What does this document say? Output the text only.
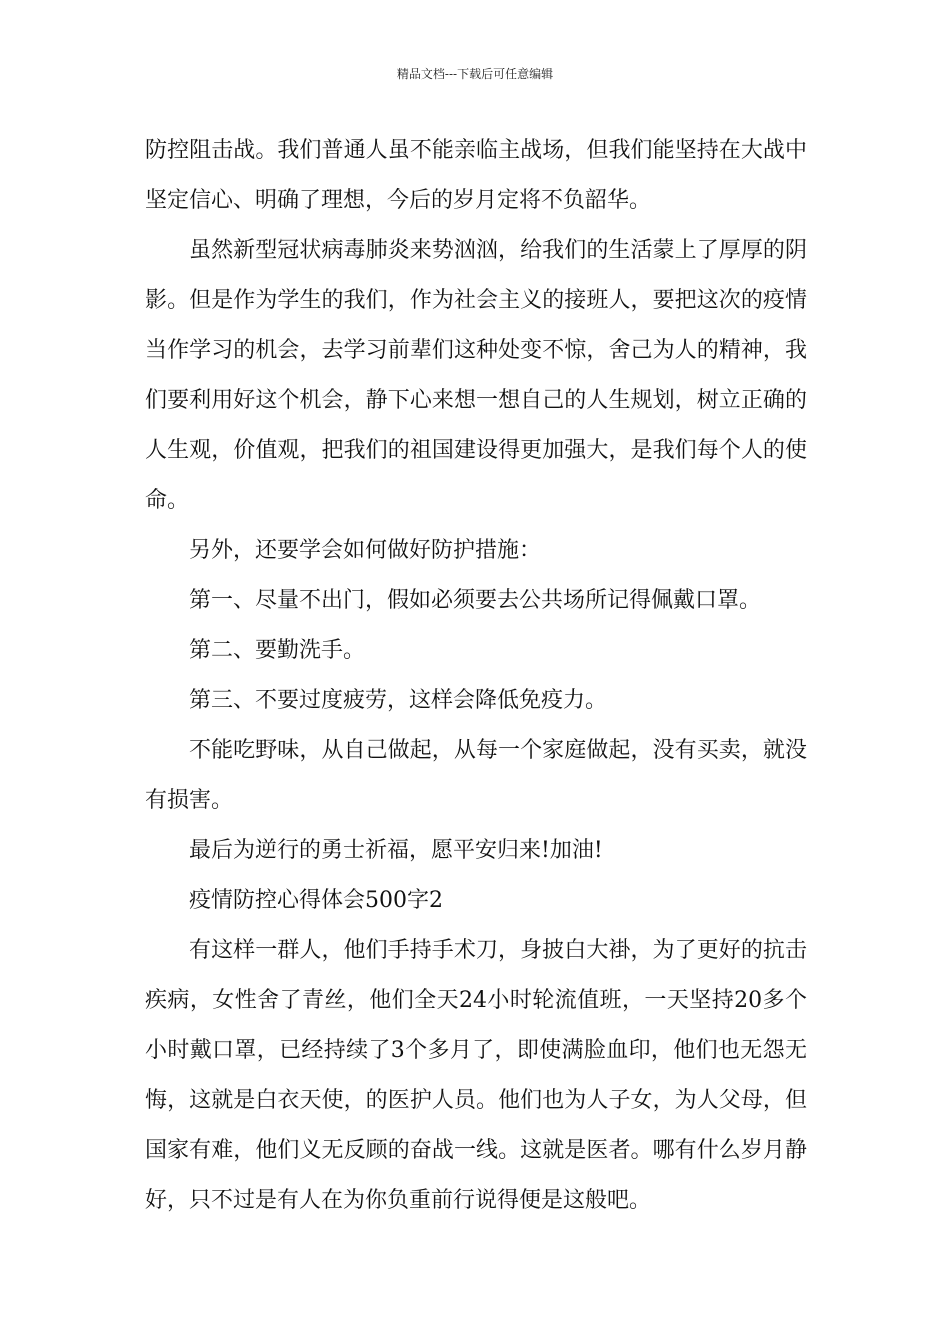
精品文档---下载后可任意编辑

防控阻击战。我们普通人虽不能亲临主战场，但我们能坚持在大战中坚定信心、明确了理想，今后的岁月定将不负韶华。

虽然新型冠状病毒肺炎来势汹汹，给我们的生活蒙上了厚厚的阴影。但是作为学生的我们，作为社会主义的接班人，要把这次的疫情当作学习的机会，去学习前辈们这种处变不惊，舍己为人的精神，我们要利用好这个机会，静下心来想一想自己的人生规划，树立正确的人生观，价值观，把我们的祖国建设得更加强大，是我们每个人的使命。

另外，还要学会如何做好防护措施：

第一、尽量不出门，假如必须要去公共场所记得佩戴口罩。

第二、要勤洗手。

第三、不要过度疲劳，这样会降低免疫力。

不能吃野味，从自己做起，从每一个家庭做起，没有买卖，就没有损害。

最后为逆行的勇士祈福，愿平安归来!加油!

疫情防控心得体会500字2

有这样一群人，他们手持手术刀，身披白大褂，为了更好的抗击疾病，女性舍了青丝，他们全天24小时轮流值班，一天坚持20多个小时戴口罩，已经持续了3个多月了，即使满脸血印，他们也无怨无悔，这就是白衣天使，的医护人员。他们也为人子女，为人父母，但国家有难，他们义无反顾的奋战一线。这就是医者。哪有什么岁月静好，只不过是有人在为你负重前行说得便是这般吧。
